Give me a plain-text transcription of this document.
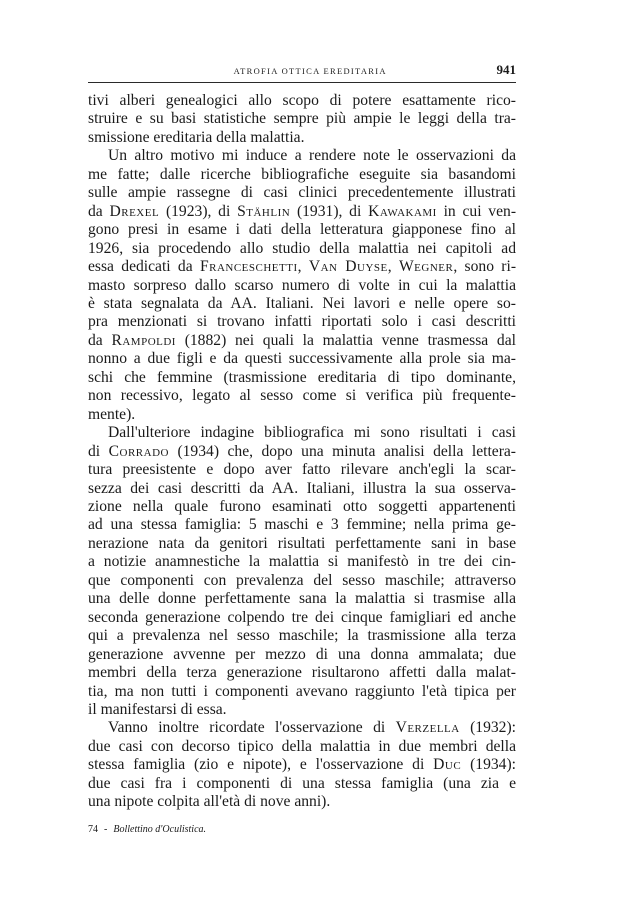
ATROFIA OTTICA EREDITARIA	941

tivi alberi genealogici allo scopo di potere esattamente rico-
struire e su basi statistiche sempre più ampie le leggi della tra-
smissione ereditaria della malattia.

Un altro motivo mi induce a rendere note le osservazioni da
me fatte; dalle ricerche bibliografiche eseguite sia basandomi
sulle ampie rassegne di casi clinici precedentemente illustrati
da Drexel (1923), di Stählin (1931), di Kawakami in cui ven-
gono presi in esame i dati della letteratura giapponese fino al
1926, sia procedendo allo studio della malattia nei capitoli ad
essa dedicati da Franceschetti, Van Duyse, Wegner, sono ri-
masto sorpreso dallo scarso numero di volte in cui la malattia
è stata segnalata da AA. Italiani. Nei lavori e nelle opere so-
pra menzionati si trovano infatti riportati solo i casi descritti
da Rampoldi (1882) nei quali la malattia venne trasmessa dal
nonno a due figli e da questi successivamente alla prole sia ma-
schi che femmine (trasmissione ereditaria di tipo dominante,
non recessivo, legato al sesso come si verifica più frequente-
mente).

Dall'ulteriore indagine bibliografica mi sono risultati i casi
di Corrado (1934) che, dopo una minuta analisi della lettera-
tura preesistente e dopo aver fatto rilevare anch'egli la scar-
sezza dei casi descritti da AA. Italiani, illustra la sua osserva-
zione nella quale furono esaminati otto soggetti appartenenti
ad una stessa famiglia: 5 maschi e 3 femmine; nella prima ge-
nerazione nata da genitori risultati perfettamente sani in base
a notizie anamnestiche la malattia si manifestò in tre dei cin-
que componenti con prevalenza del sesso maschile; attraverso
una delle donne perfettamente sana la malattia si trasmise alla
seconda generazione colpendo tre dei cinque famigliari ed anche
qui a prevalenza nel sesso maschile; la trasmissione alla terza
generazione avvenne per mezzo di una donna ammalata; due
membri della terza generazione risultarono affetti dalla malat-
tia, ma non tutti i componenti avevano raggiunto l'età tipica per
il manifestarsi di essa.

Vanno inoltre ricordate l'osservazione di Verzella (1932):
due casi con decorso tipico della malattia in due membri della
stessa famiglia (zio e nipote), e l'osservazione di Duc (1934):
due casi fra i componenti di una stessa famiglia (una zia e
una nipote colpita all'età di nove anni).

74 - Bollettino d'Oculistica.
